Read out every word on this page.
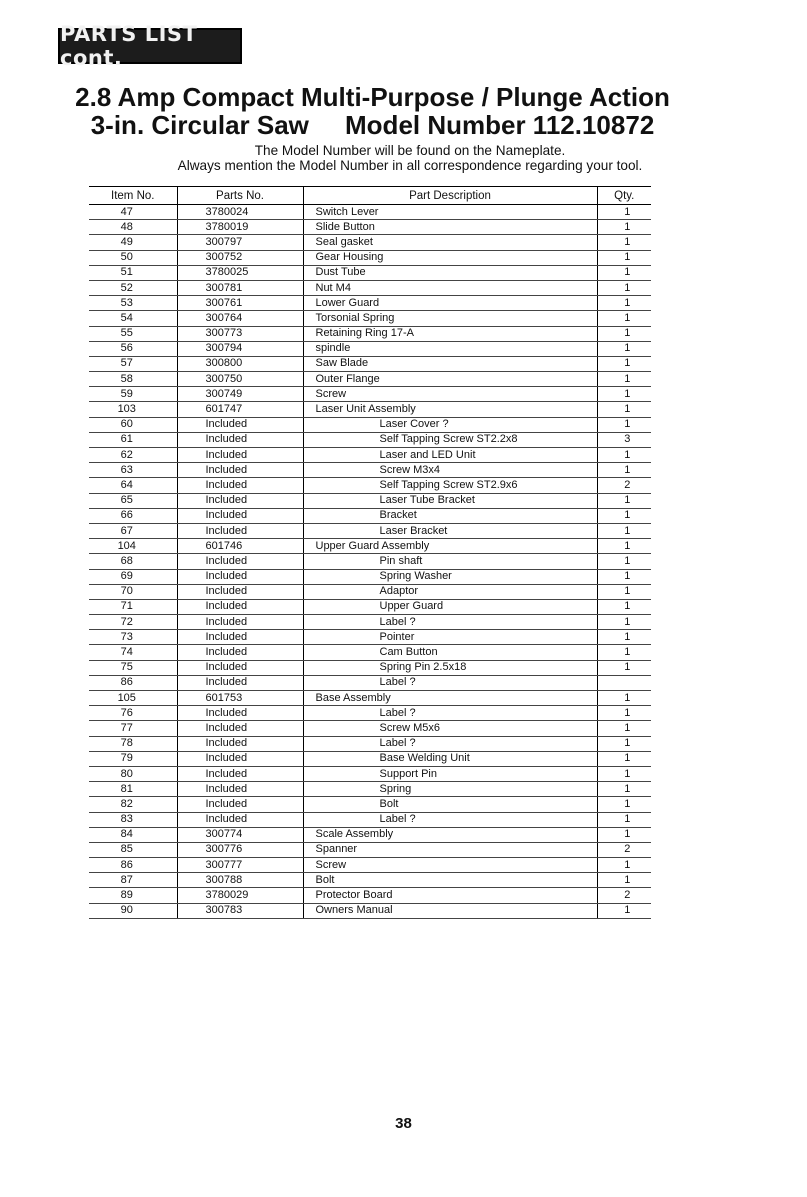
PARTS LIST cont.
2.8 Amp Compact Multi-Purpose / Plunge Action
3-in. Circular Saw     Model Number 112.10872
The Model Number will be found on the Nameplate.
Always mention the Model Number in all correspondence regarding your tool.
Item No.	Parts No.	Part Description	Qty.
47	3780024	Switch Lever	1
48	3780019	Slide Button	1
49	300797	Seal gasket	1
50	300752	Gear Housing	1
51	3780025	Dust Tube	1
52	300781	Nut M4	1
53	300761	Lower Guard	1
54	300764	Torsonial Spring	1
55	300773	Retaining Ring 17-A	1
56	300794	spindle	1
57	300800	Saw Blade	1
58	300750	Outer Flange	1
59	300749	Screw	1
103	601747	Laser Unit Assembly	1
60	Included	Laser Cover ?	1
61	Included	Self Tapping Screw ST2.2x8	3
62	Included	Laser and LED Unit	1
63	Included	Screw M3x4	1
64	Included	Self Tapping Screw ST2.9x6	2
65	Included	Laser Tube Bracket	1
66	Included	Bracket	1
67	Included	Laser Bracket	1
104	601746	Upper Guard Assembly	1
68	Included	Pin shaft	1
69	Included	Spring Washer	1
70	Included	Adaptor	1
71	Included	Upper Guard	1
72	Included	Label ?	1
73	Included	Pointer	1
74	Included	Cam Button	1
75	Included	Spring Pin 2.5x18	1
86	Included	Label ?	
105	601753	Base Assembly	1
76	Included	Label ?	1
77	Included	Screw M5x6	1
78	Included	Label ?	1
79	Included	Base Welding Unit	1
80	Included	Support Pin	1
81	Included	Spring	1
82	Included	Bolt	1
83	Included	Label ?	1
84	300774	Scale Assembly	1
85	300776	Spanner	2
86	300777	Screw	1
87	300788	Bolt	1
89	3780029	Protector Board	2
90	300783	Owners Manual	1
38
